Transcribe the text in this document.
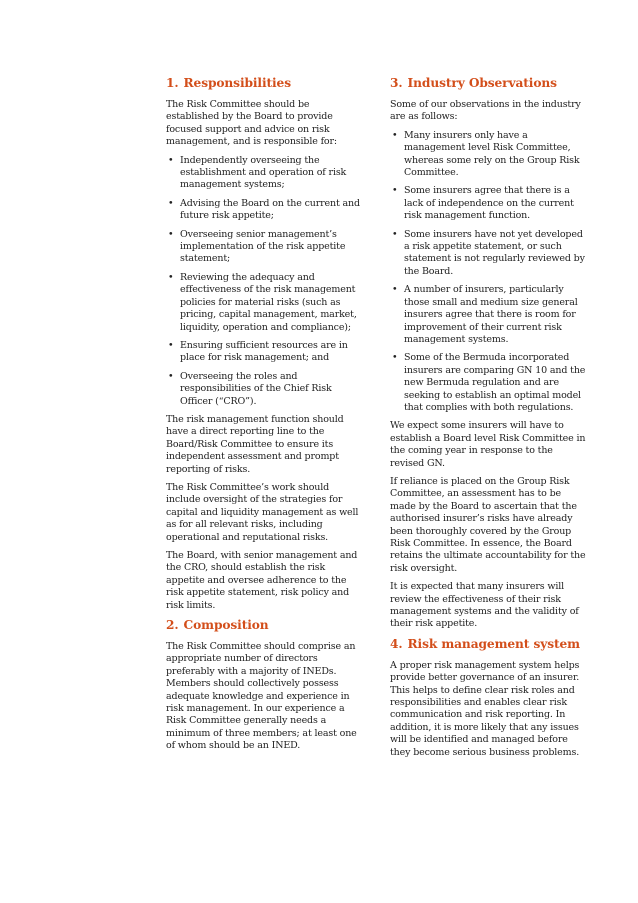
1. Responsibilities

The Risk Committee should be established by the Board to provide focused support and advice on risk management, and is responsible for:

• Independently overseeing the establishment and operation of risk management systems;
• Advising the Board on the current and future risk appetite;
• Overseeing senior management’s implementation of the risk appetite statement;
• Reviewing the adequacy and effectiveness of the risk management policies for material risks (such as pricing, capital management, market, liquidity, operation and compliance);
• Ensuring sufficient resources are in place for risk management; and
• Overseeing the roles and responsibilities of the Chief Risk Officer (“CRO”).

The risk management function should have a direct reporting line to the Board/Risk Committee to ensure its independent assessment and prompt reporting of risks.

The Risk Committee’s work should include oversight of the strategies for capital and liquidity management as well as for all relevant risks, including operational and reputational risks.

The Board, with senior management and the CRO, should establish the risk appetite and oversee adherence to the risk appetite statement, risk policy and risk limits.

2. Composition

The Risk Committee should comprise an appropriate number of directors preferably with a majority of INEDs. Members should collectively possess adequate knowledge and experience in risk management. In our experience a Risk Committee generally needs a minimum of three members; at least one of whom should be an INED.

3. Industry Observations

Some of our observations in the industry are as follows:

• Many insurers only have a management level Risk Committee, whereas some rely on the Group Risk Committee.
• Some insurers agree that there is a lack of independence on the current risk management function.
• Some insurers have not yet developed a risk appetite statement, or such statement is not regularly reviewed by the Board.
• A number of insurers, particularly those small and medium size general insurers agree that there is room for improvement of their current risk management systems.
• Some of the Bermuda incorporated insurers are comparing GN 10 and the new Bermuda regulation and are seeking to establish an optimal model that complies with both regulations.

We expect some insurers will have to establish a Board level Risk Committee in the coming year in response to the revised GN.

If reliance is placed on the Group Risk Committee, an assessment has to be made by the Board to ascertain that the authorised insurer’s risks have already been thoroughly covered by the Group Risk Committee. In essence, the Board retains the ultimate accountability for the risk oversight.

It is expected that many insurers will review the effectiveness of their risk management systems and the validity of their risk appetite.

4. Risk management system

A proper risk management system helps provide better governance of an insurer. This helps to define clear risk roles and responsibilities and enables clear risk communication and risk reporting. In addition, it is more likely that any issues will be identified and managed before they become serious business problems.
